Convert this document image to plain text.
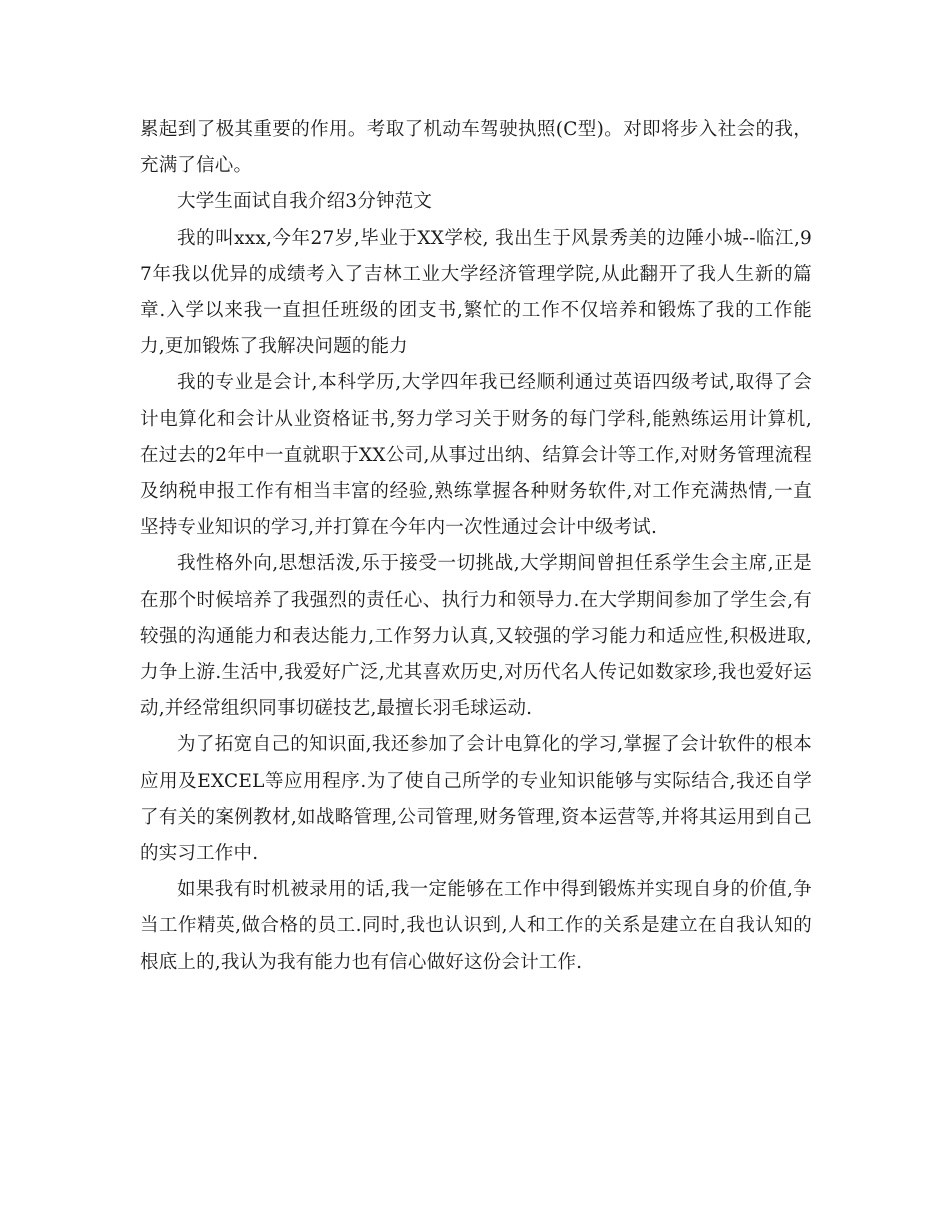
累起到了极其重要的作用。考取了机动车驾驶执照(C型)。对即将步入社会的我，充满了信心。

大学生面试自我介绍3分钟范文

我的叫xxx,今年27岁,毕业于XX学校, 我出生于风景秀美的边陲小城--临江,97年我以优异的成绩考入了吉林工业大学经济管理学院,从此翻开了我人生新的篇章.入学以来我一直担任班级的团支书,繁忙的工作不仅培养和锻炼了我的工作能力,更加锻炼了我解决问题的能力

我的专业是会计,本科学历,大学四年我已经顺利通过英语四级考试,取得了会计电算化和会计从业资格证书,努力学习关于财务的每门学科,能熟练运用计算机,在过去的2年中一直就职于XX公司,从事过出纳、结算会计等工作,对财务管理流程及纳税申报工作有相当丰富的经验,熟练掌握各种财务软件,对工作充满热情,一直坚持专业知识的学习,并打算在今年内一次性通过会计中级考试.

我性格外向,思想活泼,乐于接受一切挑战,大学期间曾担任系学生会主席,正是在那个时候培养了我强烈的责任心、执行力和领导力.在大学期间参加了学生会,有较强的沟通能力和表达能力,工作努力认真,又较强的学习能力和适应性,积极进取,力争上游.生活中,我爱好广泛,尤其喜欢历史,对历代名人传记如数家珍,我也爱好运动,并经常组织同事切磋技艺,最擅长羽毛球运动.

为了拓宽自己的知识面,我还参加了会计电算化的学习,掌握了会计软件的根本应用及EXCEL等应用程序.为了使自己所学的专业知识能够与实际结合,我还自学了有关的案例教材,如战略管理,公司管理,财务管理,资本运营等,并将其运用到自己的实习工作中.

如果我有时机被录用的话,我一定能够在工作中得到锻炼并实现自身的价值,争当工作精英,做合格的员工.同时,我也认识到,人和工作的关系是建立在自我认知的根底上的,我认为我有能力也有信心做好这份会计工作.
